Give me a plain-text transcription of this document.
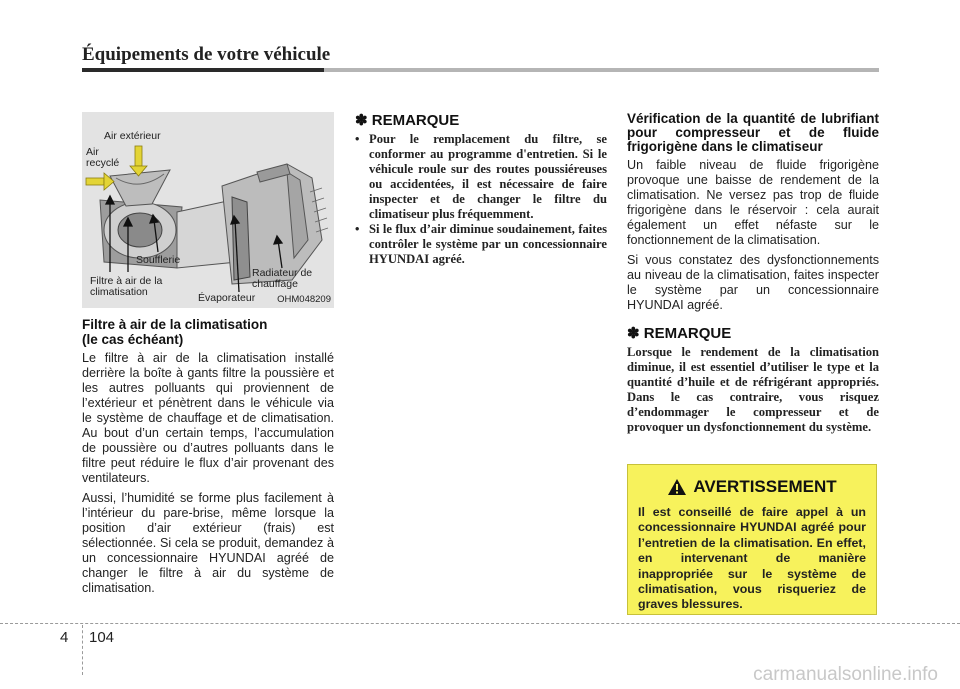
Équipements de votre véhicule
Air extérieur
Air
recyclé
Soufflerie
Filtre à air de la
climatisation	Évaporateur
Radiateur de
chauffage
OHM048209
Filtre à air de la climatisation
(le cas échéant)

Le filtre à air de la climatisation installé derrière la boîte à gants filtre la poussière et les autres polluants qui proviennent de l’extérieur et pénètrent dans le véhicule via le système de chauffage et de climatisation. Au bout d’un certain temps, l’accumulation de poussière ou d’autres polluants dans le filtre peut réduire le flux d’air provenant des ventilateurs.

Aussi, l’humidité se forme plus facilement à l’intérieur du pare-brise, même lorsque la position d’air extérieur (frais) est sélectionnée. Si cela se produit, demandez à un concessionnaire HYUNDAI agréé de changer le filtre à air du système de climatisation.

✽ REMARQUE
• Pour le remplacement du filtre, se conformer au programme d'entretien. Si le véhicule roule sur des routes poussiéreuses ou accidentées, il est nécessaire de faire inspecter et de changer le filtre du climatiseur plus fréquemment.
• Si le flux d’air diminue soudainement, faites contrôler le système par un concessionnaire HYUNDAI agréé.
Vérification de la quantité de lubrifiant pour compresseur et de fluide frigorigène dans le climatiseur

Un faible niveau de fluide frigorigène provoque une baisse de rendement de la climatisation. Ne versez pas trop de fluide frigorigène dans le réservoir : cela aurait également un effet néfaste sur le fonctionnement de la climatisation.

Si vous constatez des dysfonctionnements au niveau de la climatisation, faites inspecter le système par un concessionnaire HYUNDAI agréé.

✽ REMARQUE

Lorsque le rendement de la climatisation diminue, il est essentiel d’utiliser le type et la quantité d’huile et de réfrigérant appropriés. Dans le cas contraire, vous risquez d’endommager le compresseur et de provoquer un dysfonctionnement du système.

AVERTISSEMENT

Il est conseillé de faire appel à un concessionnaire HYUNDAI agréé pour l’entretien de la climatisation. En effet, en intervenant de manière inappropriée sur le système de climatisation, vous risqueriez de graves blessures.

4 104
carmanualsonline.info
